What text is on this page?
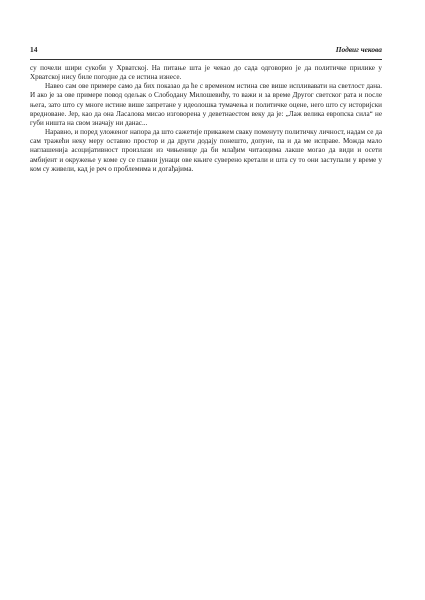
14	Подвиг чекова

су почели шири сукоби у Хрватској. На питање шта је чекао до сада одговорио је да политичке прилике у Хрватској нису биле погодне да се истина изнесе.

Навео сам ове примере само да бих показао да ће с временом истина све више испливавати на светлост дана. И ако је за ове примере повод одељак о Слободану Милошевићу, то важи и за време Другог светског рата и после њега, зато што су многе истине више запретане у идеолошка тумачења и политичке оцене, него што су историјски вредноване. Јер, као да она Ласалова мисао изговорена у деветнаестом веку да је: „Лаж велика европска сила“ не губи ништа на свом значају ни данас...

Наравно, и поред уложеног напора да што сажетије прикажем сваку поменуту политичку личност, надам се да сам тражећи неку меру оставио простор и да други додају понешто, допуне, па и да ме исправе. Можда мало наглашенија асоцијативност произлази из чињенице да би млађим читаоцима лакше могао да види и осети амбијент и окружење у коме су се главни јунаци ове књиге суверено кретали и шта су то они заступали у време у ком су живели, кад је реч о проблемима и догађајима.
